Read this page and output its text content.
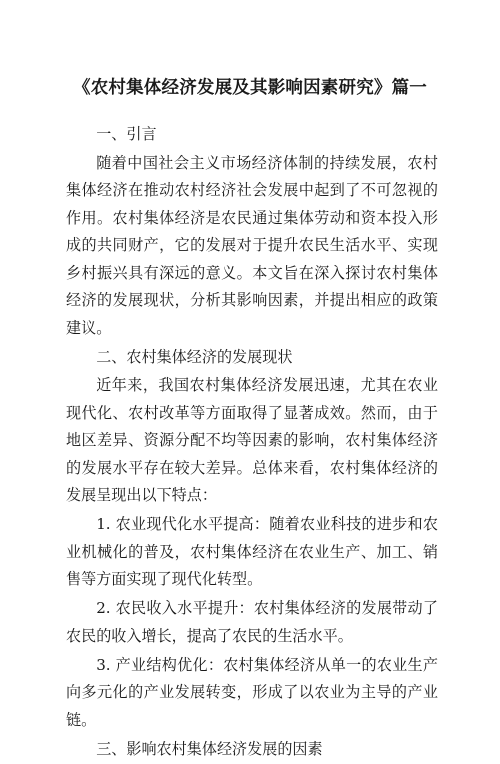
《农村集体经济发展及其影响因素研究》篇一

一、引言

随着中国社会主义市场经济体制的持续发展，农村集体经济在推动农村经济社会发展中起到了不可忽视的作用。农村集体经济是农民通过集体劳动和资本投入形成的共同财产，它的发展对于提升农民生活水平、实现乡村振兴具有深远的意义。本文旨在深入探讨农村集体经济的发展现状，分析其影响因素，并提出相应的政策建议。

二、农村集体经济的发展现状

近年来，我国农村集体经济发展迅速，尤其在农业现代化、农村改革等方面取得了显著成效。然而，由于地区差异、资源分配不均等因素的影响，农村集体经济的发展水平存在较大差异。总体来看，农村集体经济的发展呈现出以下特点：

1. 农业现代化水平提高：随着农业科技的进步和农业机械化的普及，农村集体经济在农业生产、加工、销售等方面实现了现代化转型。

2. 农民收入水平提升：农村集体经济的发展带动了农民的收入增长，提高了农民的生活水平。

3. 产业结构优化：农村集体经济从单一的农业生产向多元化的产业发展转变，形成了以农业为主导的产业链。

三、影响农村集体经济发展的因素
